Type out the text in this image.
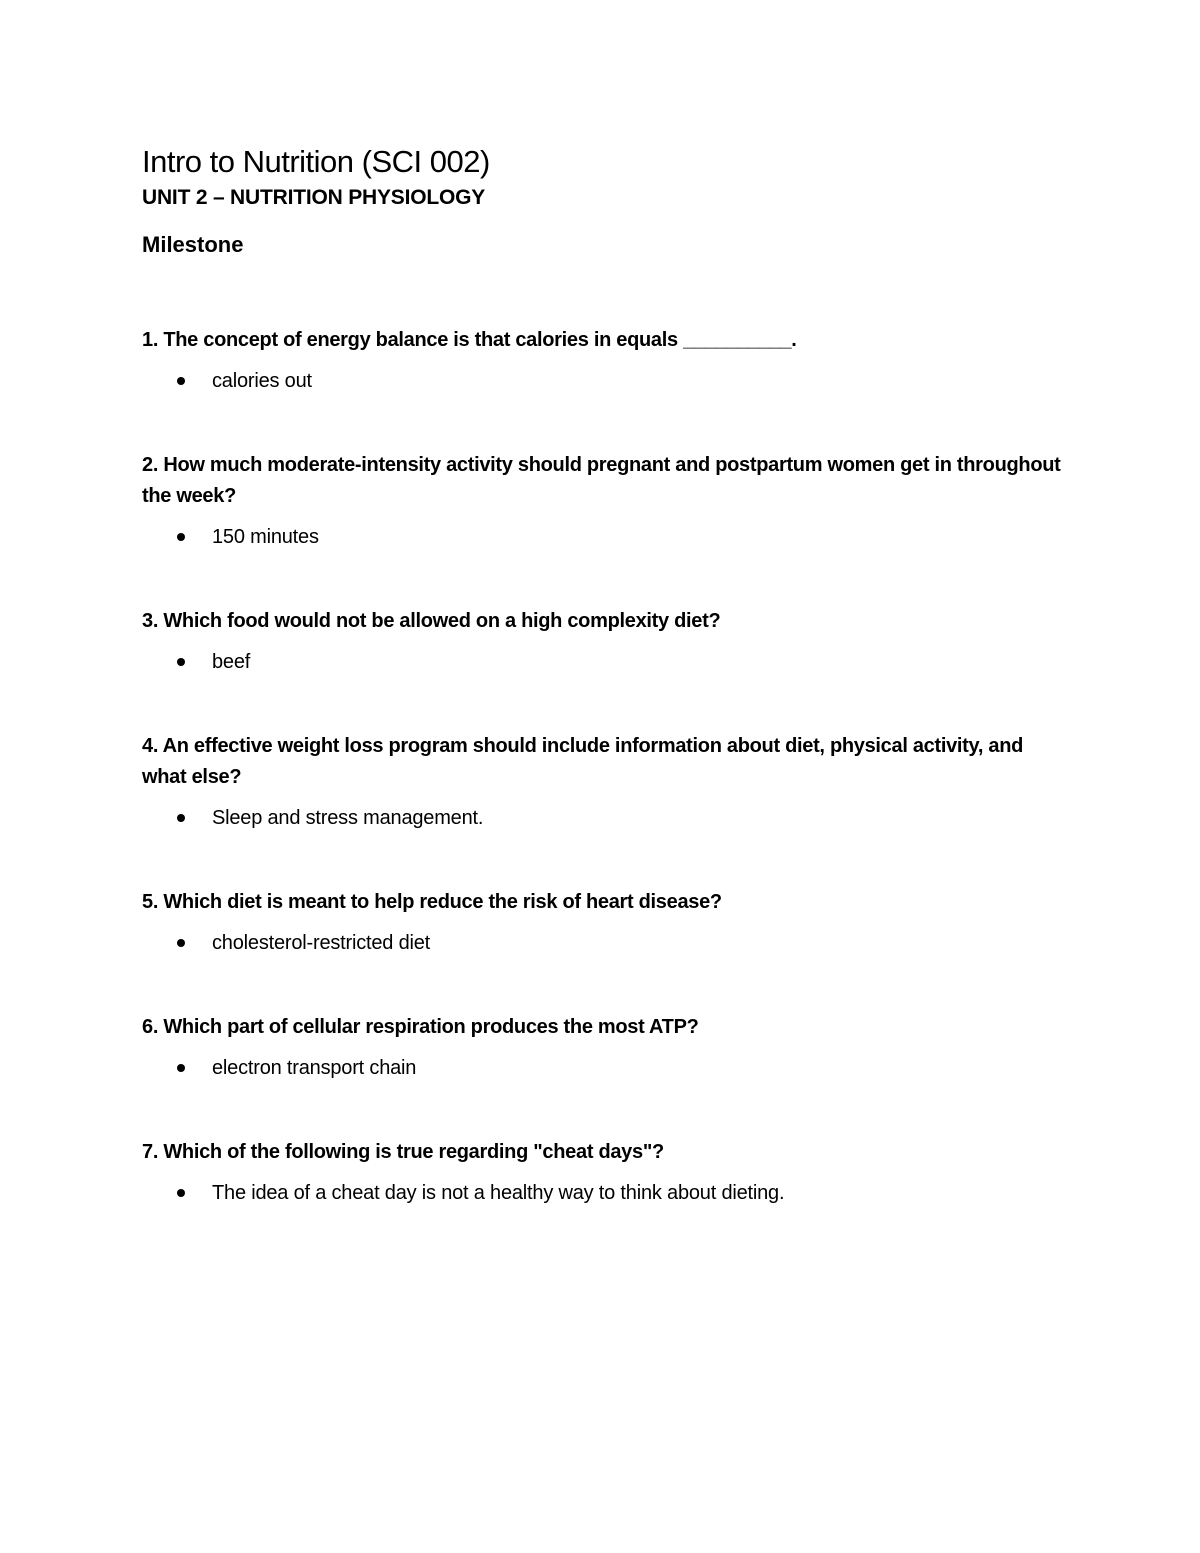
Intro to Nutrition (SCI 002)
UNIT 2 – NUTRITION PHYSIOLOGY
Milestone

1. The concept of energy balance is that calories in equals __________.

calories out

2. How much moderate-intensity activity should pregnant and postpartum women get in throughout the week?

150 minutes

3. Which food would not be allowed on a high complexity diet?

beef

4. An effective weight loss program should include information about diet, physical activity, and what else?

Sleep and stress management.

5. Which diet is meant to help reduce the risk of heart disease?

cholesterol-restricted diet

6. Which part of cellular respiration produces the most ATP?

electron transport chain

7. Which of the following is true regarding "cheat days"?

The idea of a cheat day is not a healthy way to think about dieting.
